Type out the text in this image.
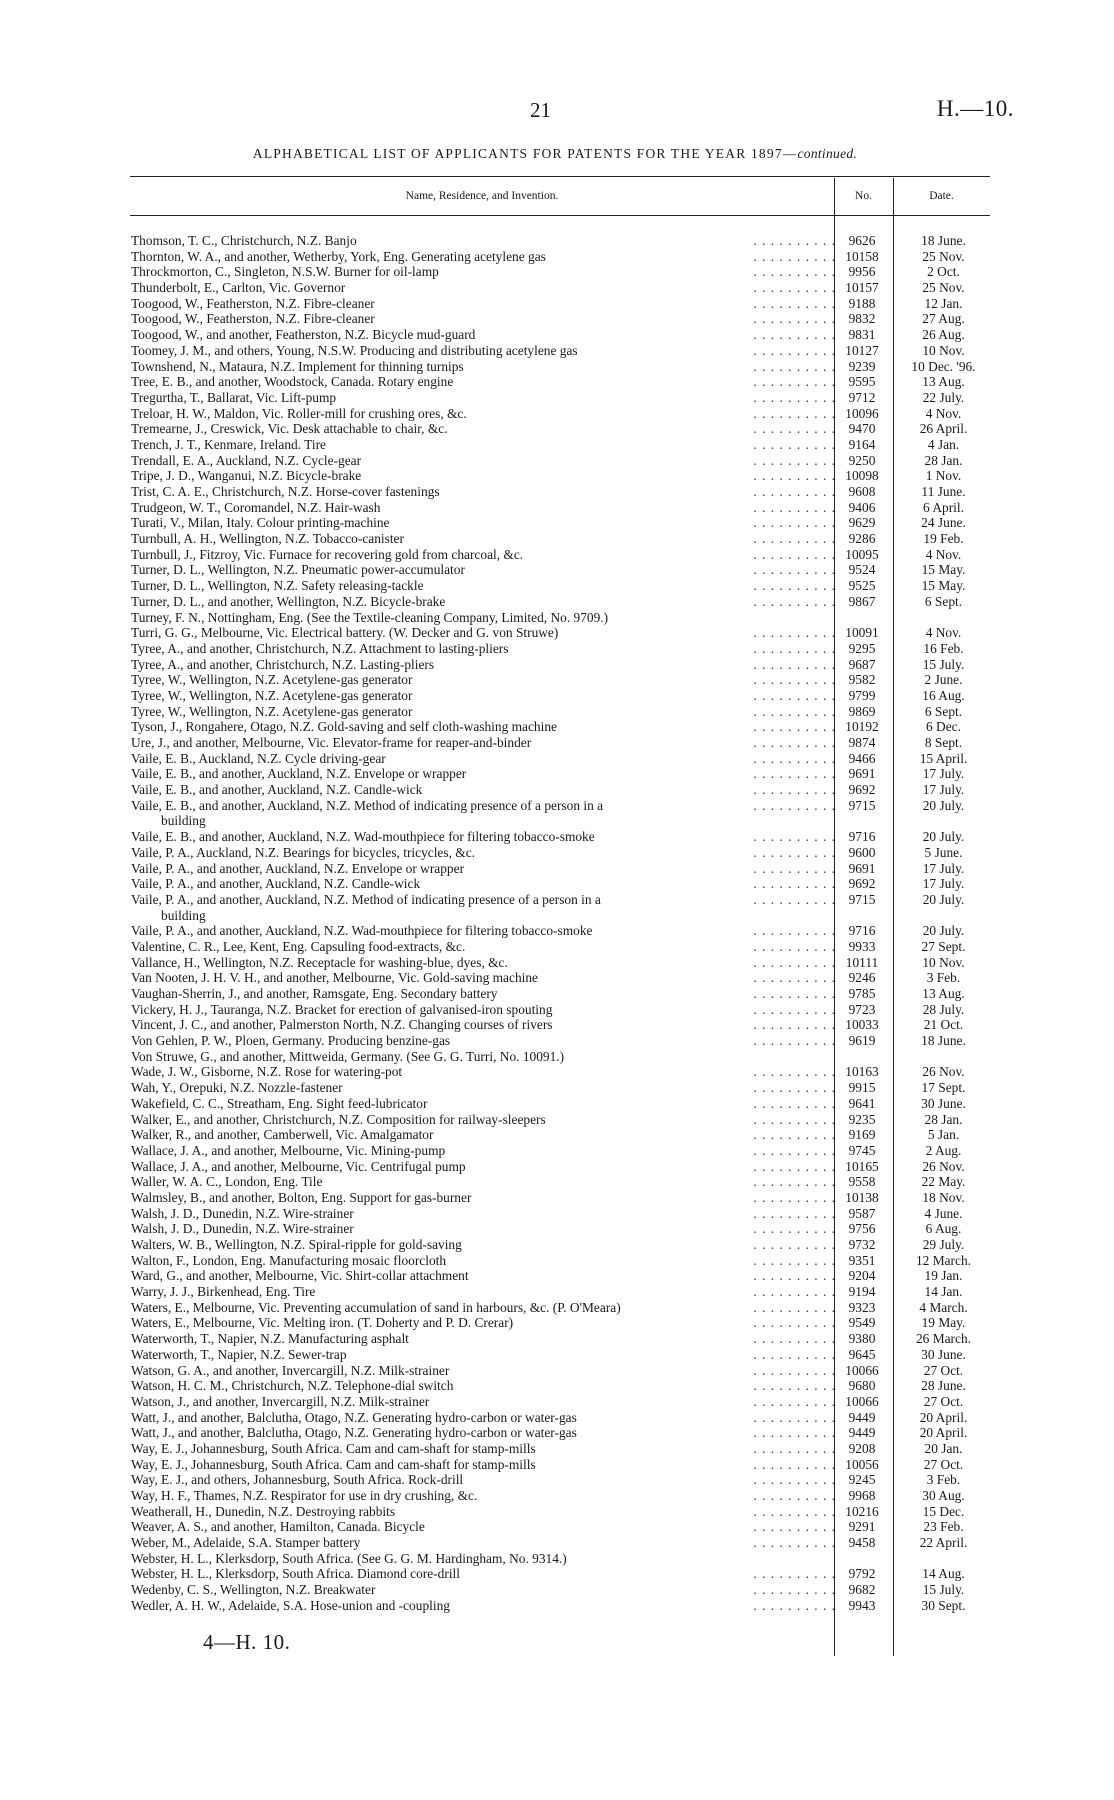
21	H.—10.
ALPHABETICAL LIST OF APPLICANTS FOR PATENTS FOR THE YEAR 1897—continued.
Name, Residence, and Invention.	No.	Date.
. . . . . . . . . .
Thomson, T. C., Christchurch, N.Z. Banjo	9626	18 June.
. . . . . . . . . .
Thornton, W. A., and another, Wetherby, York, Eng. Generating acetylene gas	10158	25 Nov.
. . . . . . . . . .
Throckmorton, C., Singleton, N.S.W. Burner for oil-lamp	9956	2 Oct.
. . . . . . . . . .
Thunderbolt, E., Carlton, Vic. Governor	10157	25 Nov.
. . . . . . . . . .
Toogood, W., Featherston, N.Z. Fibre-cleaner	9188	12 Jan.
. . . . . . . . . .
Toogood, W., Featherston, N.Z. Fibre-cleaner	9832	27 Aug.
. . . . . . . . . .
Toogood, W., and another, Featherston, N.Z. Bicycle mud-guard	9831	26 Aug.
. . . . . . . . . .
Toomey, J. M., and others, Young, N.S.W. Producing and distributing acetylene gas	10127	10 Nov.
. . . . . . . . . .
Townshend, N., Mataura, N.Z. Implement for thinning turnips	9239	10 Dec. '96.
. . . . . . . . . .
Tree, E. B., and another, Woodstock, Canada. Rotary engine	9595	13 Aug.
. . . . . . . . . .
Tregurtha, T., Ballarat, Vic. Lift-pump	9712	22 July.
. . . . . . . . . .
Treloar, H. W., Maldon, Vic. Roller-mill for crushing ores, &c.	10096	4 Nov.
. . . . . . . . . .
Tremearne, J., Creswick, Vic. Desk attachable to chair, &c.	9470	26 April.
. . . . . . . . . .
Trench, J. T., Kenmare, Ireland. Tire	9164	4 Jan.
. . . . . . . . . .
Trendall, E. A., Auckland, N.Z. Cycle-gear	9250	28 Jan.
. . . . . . . . . .
Tripe, J. D., Wanganui, N.Z. Bicycle-brake	10098	1 Nov.
. . . . . . . . . .
Trist, C. A. E., Christchurch, N.Z. Horse-cover fastenings	9608	11 June.
. . . . . . . . . .
Trudgeon, W. T., Coromandel, N.Z. Hair-wash	9406	6 April.
. . . . . . . . . .
Turati, V., Milan, Italy. Colour printing-machine	9629	24 June.
. . . . . . . . . .
Turnbull, A. H., Wellington, N.Z. Tobacco-canister	9286	19 Feb.
. . . . . . . . . .
Turnbull, J., Fitzroy, Vic. Furnace for recovering gold from charcoal, &c.	10095	4 Nov.
. . . . . . . . . .
Turner, D. L., Wellington, N.Z. Pneumatic power-accumulator	9524	15 May.
. . . . . . . . . .
Turner, D. L., Wellington, N.Z. Safety releasing-tackle	9525	15 May.
. . . . . . . . . .
Turner, D. L., and another, Wellington, N.Z. Bicycle-brake	9867	6 Sept.
Turney, F. N., Nottingham, Eng. (See the Textile-cleaning Company, Limited, No. 9709.)
. . . . . . . . . .
Turri, G. G., Melbourne, Vic. Electrical battery. (W. Decker and G. von Struwe)	10091	4 Nov.
. . . . . . . . . .
Tyree, A., and another, Christchurch, N.Z. Attachment to lasting-pliers	9295	16 Feb.
. . . . . . . . . .
Tyree, A., and another, Christchurch, N.Z. Lasting-pliers	9687	15 July.
. . . . . . . . . .
Tyree, W., Wellington, N.Z. Acetylene-gas generator	9582	2 June.
. . . . . . . . . .
Tyree, W., Wellington, N.Z. Acetylene-gas generator	9799	16 Aug.
. . . . . . . . . .
Tyree, W., Wellington, N.Z. Acetylene-gas generator	9869	6 Sept.
. . . . . . . . . .
Tyson, J., Rongahere, Otago, N.Z. Gold-saving and self cloth-washing machine	10192	6 Dec.
. . . . . . . . . .
Ure, J., and another, Melbourne, Vic. Elevator-frame for reaper-and-binder	9874	8 Sept.
. . . . . . . . . .
Vaile, E. B., Auckland, N.Z. Cycle driving-gear	9466	15 April.
. . . . . . . . . .
Vaile, E. B., and another, Auckland, N.Z. Envelope or wrapper	9691	17 July.
. . . . . . . . . .
Vaile, E. B., and another, Auckland, N.Z. Candle-wick	9692	17 July.
. . . . . . . . . .
Vaile, E. B., and another, Auckland, N.Z. Method of indicating presence of a person in a	9715	20 July.
building
. . . . . . . . . .
Vaile, E. B., and another, Auckland, N.Z. Wad-mouthpiece for filtering tobacco-smoke	9716	20 July.
. . . . . . . . . .
Vaile, P. A., Auckland, N.Z. Bearings for bicycles, tricycles, &c.	9600	5 June.
. . . . . . . . . .
Vaile, P. A., and another, Auckland, N.Z. Envelope or wrapper	9691	17 July.
. . . . . . . . . .
Vaile, P. A., and another, Auckland, N.Z. Candle-wick	9692	17 July.
. . . . . . . . . .
Vaile, P. A., and another, Auckland, N.Z. Method of indicating presence of a person in a	9715	20 July.
building
. . . . . . . . . .
Vaile, P. A., and another, Auckland, N.Z. Wad-mouthpiece for filtering tobacco-smoke	9716	20 July.
. . . . . . . . . .
Valentine, C. R., Lee, Kent, Eng. Capsuling food-extracts, &c.	9933	27 Sept.
. . . . . . . . . .
Vallance, H., Wellington, N.Z. Receptacle for washing-blue, dyes, &c.	10111	10 Nov.
. . . . . . . . . .
Van Nooten, J. H. V. H., and another, Melbourne, Vic. Gold-saving machine	9246	3 Feb.
. . . . . . . . . .
Vaughan-Sherrin, J., and another, Ramsgate, Eng. Secondary battery	9785	13 Aug.
. . . . . . . . . .
Vickery, H. J., Tauranga, N.Z. Bracket for erection of galvanised-iron spouting	9723	28 July.
. . . . . . . . . .
Vincent, J. C., and another, Palmerston North, N.Z. Changing courses of rivers	10033	21 Oct.
. . . . . . . . . .
Von Gehlen, P. W., Ploen, Germany. Producing benzine-gas	9619	18 June.
Von Struwe, G., and another, Mittweida, Germany. (See G. G. Turri, No. 10091.)
. . . . . . . . . .
Wade, J. W., Gisborne, N.Z. Rose for watering-pot	10163	26 Nov.
. . . . . . . . . .
Wah, Y., Orepuki, N.Z. Nozzle-fastener	9915	17 Sept.
. . . . . . . . . .
Wakefield, C. C., Streatham, Eng. Sight feed-lubricator	9641	30 June.
. . . . . . . . . .
Walker, E., and another, Christchurch, N.Z. Composition for railway-sleepers	9235	28 Jan.
. . . . . . . . . .
Walker, R., and another, Camberwell, Vic. Amalgamator	9169	5 Jan.
. . . . . . . . . .
Wallace, J. A., and another, Melbourne, Vic. Mining-pump	9745	2 Aug.
. . . . . . . . . .
Wallace, J. A., and another, Melbourne, Vic. Centrifugal pump	10165	26 Nov.
. . . . . . . . . .
Waller, W. A. C., London, Eng. Tile	9558	22 May.
. . . . . . . . . .
Walmsley, B., and another, Bolton, Eng. Support for gas-burner	10138	18 Nov.
. . . . . . . . . .
Walsh, J. D., Dunedin, N.Z. Wire-strainer	9587	4 June.
. . . . . . . . . .
Walsh, J. D., Dunedin, N.Z. Wire-strainer	9756	6 Aug.
. . . . . . . . . .
Walters, W. B., Wellington, N.Z. Spiral-ripple for gold-saving	9732	29 July.
. . . . . . . . . .
Walton, F., London, Eng. Manufacturing mosaic floorcloth	9351	12 March.
. . . . . . . . . .
Ward, G., and another, Melbourne, Vic. Shirt-collar attachment	9204	19 Jan.
. . . . . . . . . .
Warry, J. J., Birkenhead, Eng. Tire	9194	14 Jan.
. . . . . . . . . .
Waters, E., Melbourne, Vic. Preventing accumulation of sand in harbours, &c. (P. O'Meara)	9323	4 March.
. . . . . . . . . .
Waters, E., Melbourne, Vic. Melting iron. (T. Doherty and P. D. Crerar)	9549	19 May.
. . . . . . . . . .
Waterworth, T., Napier, N.Z. Manufacturing asphalt	9380	26 March.
. . . . . . . . . .
Waterworth, T., Napier, N.Z. Sewer-trap	9645	30 June.
. . . . . . . . . .
Watson, G. A., and another, Invercargill, N.Z. Milk-strainer	10066	27 Oct.
. . . . . . . . . .
Watson, H. C. M., Christchurch, N.Z. Telephone-dial switch	9680	28 June.
. . . . . . . . . .
Watson, J., and another, Invercargill, N.Z. Milk-strainer	10066	27 Oct.
. . . . . . . . . .
Watt, J., and another, Balclutha, Otago, N.Z. Generating hydro-carbon or water-gas	9449	20 April.
. . . . . . . . . .
Watt, J., and another, Balclutha, Otago, N.Z. Generating hydro-carbon or water-gas	9449	20 April.
. . . . . . . . . .
Way, E. J., Johannesburg, South Africa. Cam and cam-shaft for stamp-mills	9208	20 Jan.
. . . . . . . . . .
Way, E. J., Johannesburg, South Africa. Cam and cam-shaft for stamp-mills	10056	27 Oct.
. . . . . . . . . .
Way, E. J., and others, Johannesburg, South Africa. Rock-drill	9245	3 Feb.
. . . . . . . . . .
Way, H. F., Thames, N.Z. Respirator for use in dry crushing, &c.	9968	30 Aug.
. . . . . . . . . .
Weatherall, H., Dunedin, N.Z. Destroying rabbits	10216	15 Dec.
. . . . . . . . . .
Weaver, A. S., and another, Hamilton, Canada. Bicycle	9291	23 Feb.
. . . . . . . . . .
Weber, M., Adelaide, S.A. Stamper battery	9458	22 April.
Webster, H. L., Klerksdorp, South Africa. (See G. G. M. Hardingham, No. 9314.)
. . . . . . . . . .
Webster, H. L., Klerksdorp, South Africa. Diamond core-drill	9792	14 Aug.
. . . . . . . . . .
Wedenby, C. S., Wellington, N.Z. Breakwater	9682	15 July.
. . . . . . . . . .
Wedler, A. H. W., Adelaide, S.A. Hose-union and -coupling	9943	30 Sept.
4—H. 10.
